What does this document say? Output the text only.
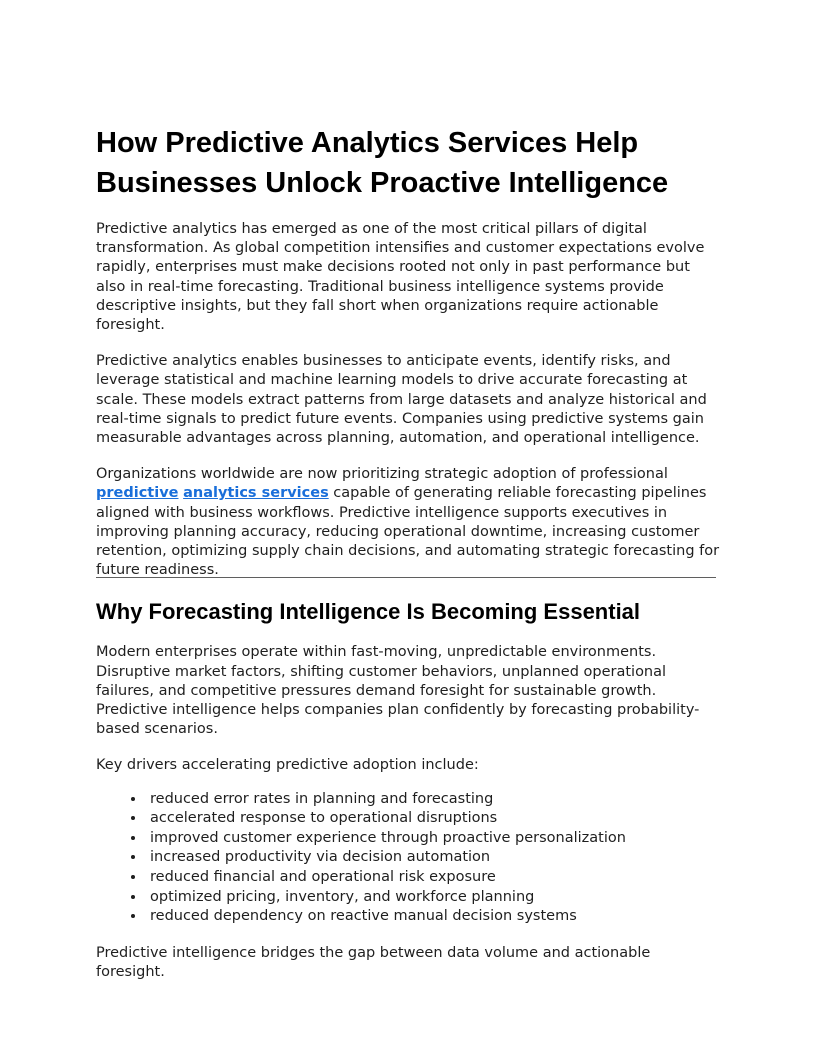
How Predictive Analytics Services Help Businesses Unlock Proactive Intelligence

Predictive analytics has emerged as one of the most critical pillars of digital transformation. As global competition intensifies and customer expectations evolve rapidly, enterprises must make decisions rooted not only in past performance but also in real-time forecasting. Traditional business intelligence systems provide descriptive insights, but they fall short when organizations require actionable foresight.

Predictive analytics enables businesses to anticipate events, identify risks, and leverage statistical and machine learning models to drive accurate forecasting at scale. These models extract patterns from large datasets and analyze historical and real-time signals to predict future events. Companies using predictive systems gain measurable advantages across planning, automation, and operational intelligence.

Organizations worldwide are now prioritizing strategic adoption of professional predictive analytics services capable of generating reliable forecasting pipelines aligned with business workflows. Predictive intelligence supports executives in improving planning accuracy, reducing operational downtime, increasing customer retention, optimizing supply chain decisions, and automating strategic forecasting for future readiness.

Why Forecasting Intelligence Is Becoming Essential

Modern enterprises operate within fast-moving, unpredictable environments. Disruptive market factors, shifting customer behaviors, unplanned operational failures, and competitive pressures demand foresight for sustainable growth. Predictive intelligence helps companies plan confidently by forecasting probability-based scenarios.

Key drivers accelerating predictive adoption include:

• reduced error rates in planning and forecasting
• accelerated response to operational disruptions
• improved customer experience through proactive personalization
• increased productivity via decision automation
• reduced financial and operational risk exposure
• optimized pricing, inventory, and workforce planning
• reduced dependency on reactive manual decision systems

Predictive intelligence bridges the gap between data volume and actionable foresight.
